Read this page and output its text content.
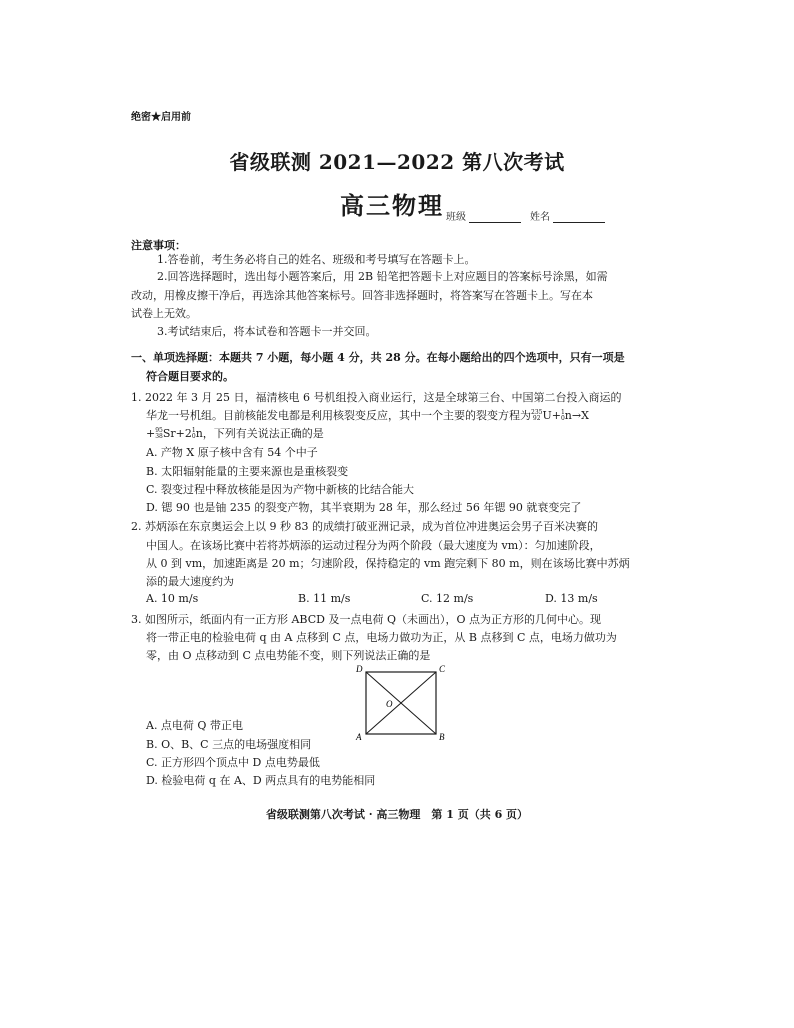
绝密★启用前
省级联测 2021—2022 第八次考试
高三物理 班级	姓名
注意事项：
1.答卷前，考生务必将自己的姓名、班级和考号填写在答题卡上。
2.回答选择题时，选出每小题答案后，用 2B 铅笔把答题卡上对应题目的答案标号涂黑，如需
改动，用橡皮擦干净后，再选涂其他答案标号。回答非选择题时，将答案写在答题卡上。写在本
试卷上无效。
3.考试结束后，将本试卷和答题卡一并交回。
一、单项选择题：本题共 7 小题，每小题 4 分，共 28 分。在每小题给出的四个选项中，只有一项是
符合题目要求的。
1. 2022 年 3 月 25 日，福清核电 6 号机组投入商业运行，这是全球第三台、中国第二台投入商运的
华龙一号机组。目前核能发电都是利用核裂变反应，其中一个主要的裂变方程为235
92 U+1
0n→X
+95
38Sr+21
0n，下列有关说法正确的是
A. 产物 X 原子核中含有 54 个中子
B. 太阳辐射能量的主要来源也是重核裂变
C. 裂变过程中释放核能是因为产物中新核的比结合能大
D. 锶 90 也是铀 235 的裂变产物，其半衰期为 28 年，那么经过 56 年锶 90 就衰变完了
2. 苏炳添在东京奥运会上以 9 秒 83 的成绩打破亚洲记录，成为首位冲进奥运会男子百米决赛的
中国人。在该场比赛中若将苏炳添的运动过程分为两个阶段（最大速度为 vm）：匀加速阶段，
从 0 到 vm，加速距离是 20 m；匀速阶段，保持稳定的 vm 跑完剩下 80 m，则在该场比赛中苏炳
添的最大速度约为
A. 10 m/s	B. 11 m/s	C. 12 m/s	D. 13 m/s
3. 如图所示，纸面内有一正方形 ABCD 及一点电荷 Q（未画出），O 点为正方形的几何中心。现
将一带正电的检验电荷 q 由 A 点移到 C 点，电场力做功为正，从 B 点移到 C 点，电场力做功为
零，由 O 点移动到 C 点电势能不变，则下列说法正确的是
D	C
A	B
O
A. 点电荷 Q 带正电
B. O、B、C 三点的电场强度相同
C. 正方形四个顶点中 D 点电势最低
D. 检验电荷 q 在 A、D 两点具有的电势能相同
省级联测第八次考试 · 高三物理　第 1 页（共 6 页）
